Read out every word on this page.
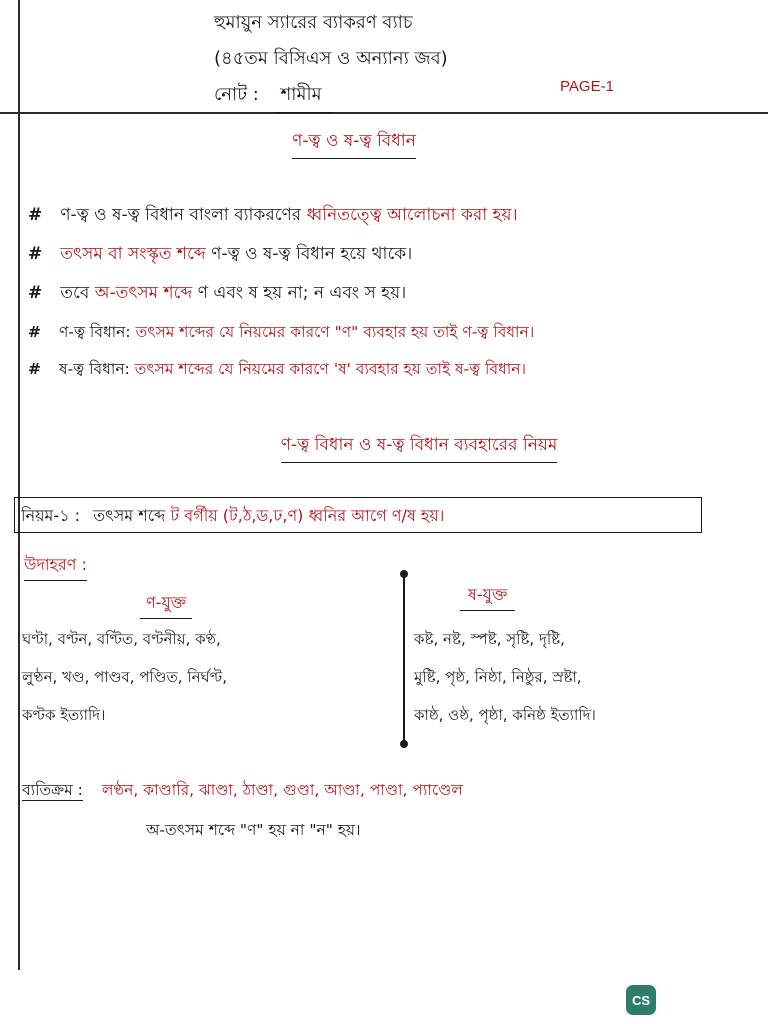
হুমায়ুন স্যারের ব্যাকরণ ব্যাচ
(৪৫তম বিসিএস ও অন্যান্য জব)
নোট : শামীম	PAGE-1
ণ-ত্ব ও ষ-ত্ব বিধান
# ণ-ত্ব ও ষ-ত্ব বিধান বাংলা ব্যাকরণের ধ্বনিতত্ত্বে আলোচনা করা হয়।
# তৎসম বা সংস্কৃত শব্দে ণ-ত্ব ও ষ-ত্ব বিধান হয়ে থাকে।
# তবে অ-তৎসম শব্দে ণ এবং ষ হয় না; ন এবং স হয়।
# ণ-ত্ব বিধান: তৎসম শব্দের যে নিয়মের কারণে "ণ" ব্যবহার হয় তাই ণ-ত্ব বিধান।
# ষ-ত্ব বিধান: তৎসম শব্দের যে নিয়মের কারণে 'ষ' ব্যবহার হয় তাই ষ-ত্ব বিধান।
ণ-ত্ব বিধান ও ষ-ত্ব বিধান ব্যবহারের নিয়ম
নিয়ম-১ : তৎসম শব্দে ট বর্গীয় (ট,ঠ,ড,ঢ,ণ) ধ্বনির আগে ণ/ষ হয়।
উদাহরণ :
ণ-যুক্ত	ষ-যুক্ত
ঘণ্টা, বণ্টন, বণ্টিত, বণ্টনীয়, কণ্ঠ,
লুণ্ঠন, খণ্ড, পাণ্ডব, পণ্ডিত, নির্ঘণ্ট,
কণ্টক ইত্যাদি।
কষ্ট, নষ্ট, স্পষ্ট, সৃষ্টি, দৃষ্টি,
মুষ্টি, পৃষ্ঠ, নিষ্ঠা, নিষ্ঠুর, স্রষ্টা,
কাষ্ঠ, ওষ্ঠ, পৃষ্ঠা, কনিষ্ঠ ইত্যাদি।
ব্যতিক্রম : লণ্ঠন, কাণ্ডারি, ঝাণ্ডা, ঠাণ্ডা, গুণ্ডা, আণ্ডা, পাণ্ডা, প্যাণ্ডেল
অ-তৎসম শব্দে "ণ" হয় না "ন" হয়।
CS
